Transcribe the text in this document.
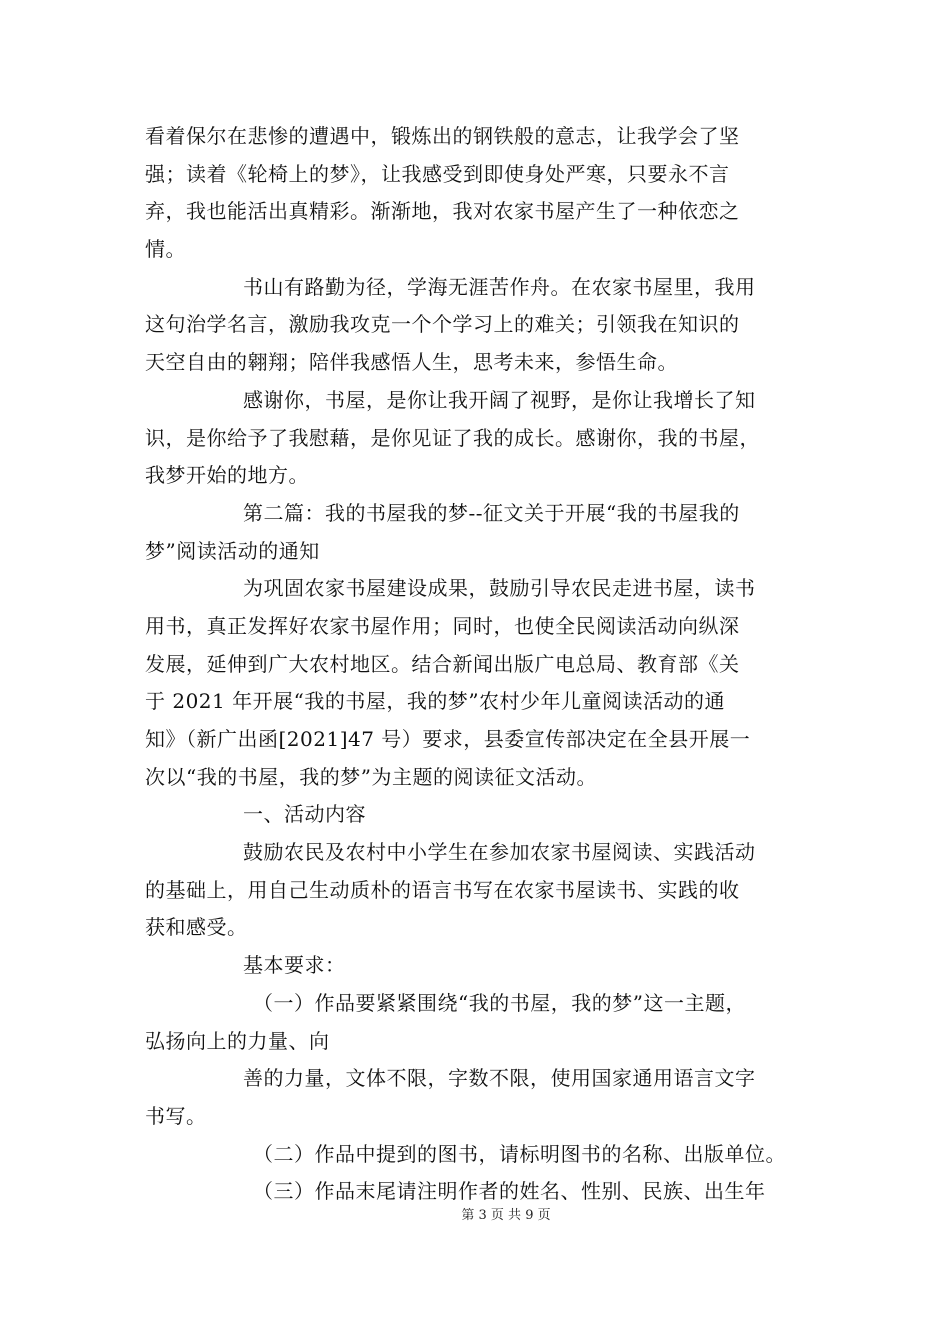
看着保尔在悲惨的遭遇中，锻炼出的钢铁般的意志，让我学会了坚
强；读着《轮椅上的梦》，让我感受到即使身处严寒，只要永不言
弃，我也能活出真精彩。渐渐地，我对农家书屋产生了一种依恋之
情。
书山有路勤为径，学海无涯苦作舟。在农家书屋里，我用
这句治学名言，激励我攻克一个个学习上的难关；引领我在知识的
天空自由的翱翔；陪伴我感悟人生，思考未来，参悟生命。
感谢你，书屋，是你让我开阔了视野，是你让我增长了知
识，是你给予了我慰藉，是你见证了我的成长。感谢你，我的书屋，
我梦开始的地方。
第二篇：我的书屋我的梦--征文关于开展“我的书屋我的
梦”阅读活动的通知
为巩固农家书屋建设成果，鼓励引导农民走进书屋，读书
用书，真正发挥好农家书屋作用；同时，也使全民阅读活动向纵深
发展，延伸到广大农村地区。结合新闻出版广电总局、教育部《关
于 2021 年开展“我的书屋，我的梦”农村少年儿童阅读活动的通
知》（新广出函[2021]47 号）要求，县委宣传部决定在全县开展一
次以“我的书屋，我的梦”为主题的阅读征文活动。
一、活动内容
鼓励农民及农村中小学生在参加农家书屋阅读、实践活动
的基础上，用自己生动质朴的语言书写在农家书屋读书、实践的收
获和感受。
基本要求：
（一）作品要紧紧围绕“我的书屋，我的梦”这一主题，
弘扬向上的力量、向
善的力量，文体不限，字数不限，使用国家通用语言文字
书写。
（二）作品中提到的图书，请标明图书的名称、出版单位。
（三）作品末尾请注明作者的姓名、性别、民族、出生年
第 3 页 共 9 页
